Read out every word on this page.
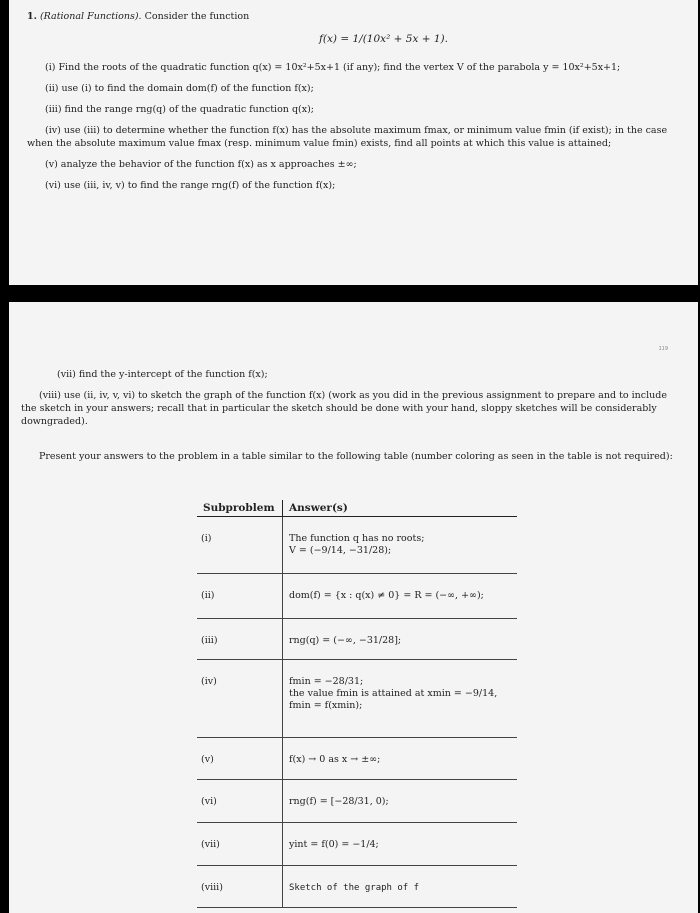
1. (Rational Functions). Consider the function

f(x) = 1/(10x² + 5x + 1).

(i) Find the roots of the quadratic function q(x) = 10x²+5x+1 (if any); find the vertex V of the parabola y = 10x²+5x+1;

(ii) use (i) to find the domain dom(f) of the function f(x);

(iii) find the range rng(q) of the quadratic function q(x);

(iv) use (iii) to determine whether the function f(x) has the absolute maximum fmax, or minimum value fmin (if exist); in the case when the absolute maximum value fmax (resp. minimum value fmin) exists, find all points at which this value is attained;

(v) analyze the behavior of the function f(x) as x approaches ±∞;

(vi) use (iii, iv, v) to find the range rng(f) of the function f(x);

119

(vii) find the y-intercept of the function f(x);

(viii) use (ii, iv, v, vi) to sketch the graph of the function f(x) (work as you did in the previous assignment to prepare and to include the sketch in your answers; recall that in particular the sketch should be done with your hand, sloppy sketches will be considerably downgraded).

Present your answers to the problem in a table similar to the following table (number coloring as seen in the table is not required):

Subproblem	Answer(s)
(i)	The function q has no roots;
V = (−9/14, −31/28);

(ii)	dom(f) = {x : q(x) ≠ 0} = R = (−∞, +∞);

(iii)	rng(q) = (−∞, −31/28];

(iv)	fmin = −28/31;
the value fmin is attained at xmin = −9/14,
fmin = f(xmin);

(v)	f(x) → 0 as x → ±∞;

(vi)	rng(f) = [−28/31, 0);

(vii)	yint = f(0) = −1/4;

(viii)	Sketch of the graph of f
